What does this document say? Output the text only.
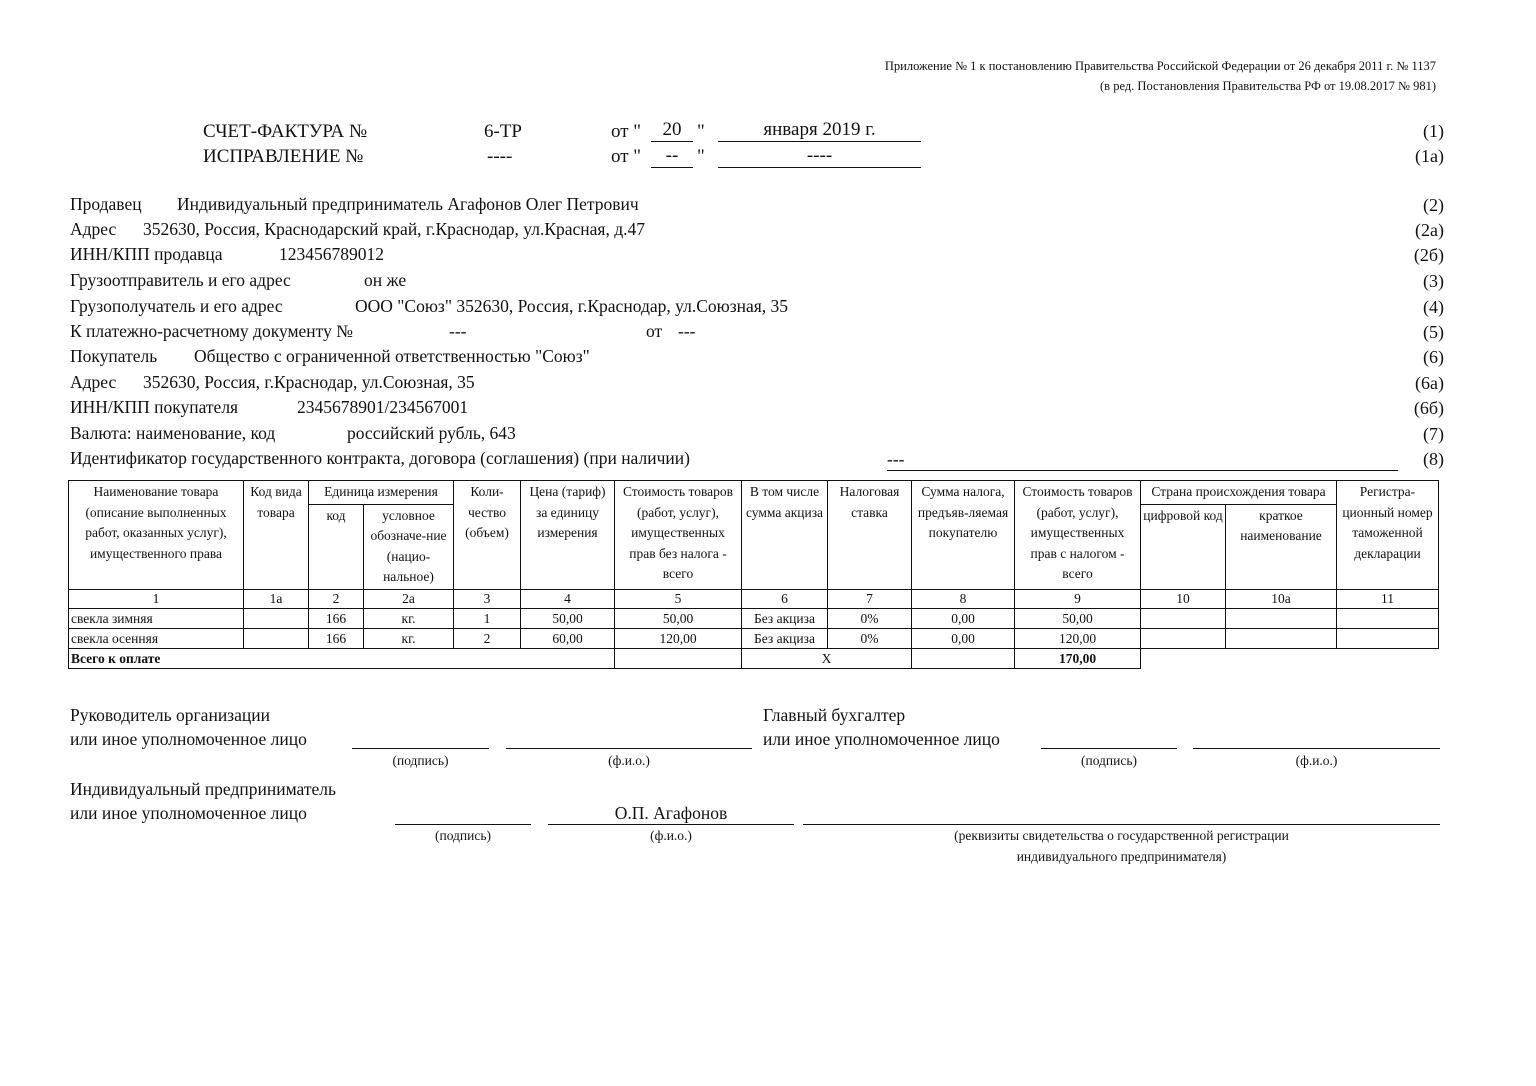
Приложение № 1 к постановлению Правительства Российской Федерации от 26 декабря 2011 г. № 1137
(в ред. Постановления Правительства РФ от 19.08.2017 № 981)
СЧЕТ-ФАКТУРА №	6-ТР	от "	20 "	января 2019 г.	(1)
ИСПРАВЛЕНИЕ №	----	от "	-- "	----	(1а)
Продавец Индивидуальный предприниматель Агафонов Олег Петрович	(2)
Адрес 352630, Россия, Краснодарский край, г.Краснодар, ул.Красная, д.47	(2а)
ИНН/КПП продавца	123456789012	(2б)
Грузоотправитель и его адрес	он же	(3)
Грузополучатель и его адрес	ООО "Союз" 352630, Россия, г.Краснодар, ул.Союзная, 35	(4)
К платежно-расчетному документу №	---	от ---	(5)
Покупатель Общество с ограниченной ответственностью "Союз"	(6)
Адрес 352630, Россия, г.Краснодар, ул.Союзная, 35	(6а)
ИНН/КПП покупателя	2345678901/234567001	(6б)
Валюта: наименование, код	российский рубль, 643	(7)
Идентификатор государственного контракта, договора (соглашения) (при наличии)	---	(8)
Наименование товара (описание выполненных работ, оказанных услуг), имущественного права	Код вида товара	Единица измерения		Коли-чество (объем)	Цена (тариф) за единицу измерения	Стоимость товаров (работ, услуг), имущественных прав без налога - всего	В том числе сумма акциза	Налоговая ставка	Сумма налога, предъяв-ляемая покупателю	Стоимость товаров (работ, услуг), имущественных прав с налогом - всего	Страна происхождения товара		Регистра-ционный номер таможенной декларации
		код	условное обозначе-ние (нацио-нальное)								цифровой код	краткое наименование	
1	1а	2	2а	3	4	5	6	7	8	9	10	10а	11
свекла зимняя		166	кг.	1	50,00	50,00	Без акциза	0%	0,00	50,00			
свекла осенняя		166	кг.	2	60,00	120,00	Без акциза	0%	0,00	120,00			
Всего к оплате							Х			170,00			
Руководитель организации
или иное уполномоченное лицо
(подпись)	(ф.и.о.)
Главный бухгалтер
или иное уполномоченное лицо
(подпись)	(ф.и.о.)
Индивидуальный предприниматель
или иное уполномоченное лицо	О.П. Агафонов
(подпись)	(ф.и.о.)	(реквизиты свидетельства о государственной регистрации
индивидуального предпринимателя)
